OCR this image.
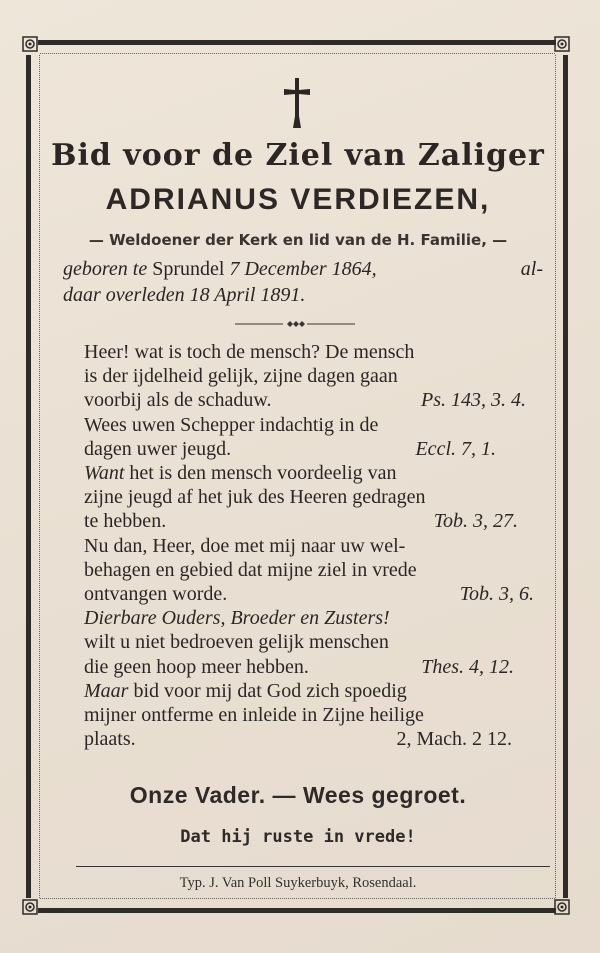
Bid voor de Ziel van Zaliger
ADRIANUS VERDIEZEN,
— Weldoener der Kerk en lid van de H. Familie, —
geboren te Sprundel 7 December 1864,	al-
daar overleden 18 April 1891.
Heer! wat is toch de mensch? De mensch
is der ijdelheid gelijk, zijne dagen gaan
voorbij als de schaduw.	Ps. 143, 3. 4.
Wees uwen Schepper indachtig in de
dagen uwer jeugd.	Eccl. 7, 1.
Want het is den mensch voordeelig van
zijne jeugd af het juk des Heeren gedragen
te hebben.	Tob. 3, 27.
Nu dan, Heer, doe met mij naar uw wel-
behagen en gebied dat mijne ziel in vrede
ontvangen worde.	Tob. 3, 6.
Dierbare Ouders, Broeder en Zusters!
wilt u niet bedroeven gelijk menschen
die geen hoop meer hebben.	Thes. 4, 12.
Maar bid voor mij dat God zich spoedig
mijner ontferme en inleide in Zijne heilige
plaats.	2, Mach. 2 12.
Onze Vader. — Wees gegroet.
Dat hij ruste in vrede!
Typ. J. Van Poll Suykerbuyk, Rosendaal.
